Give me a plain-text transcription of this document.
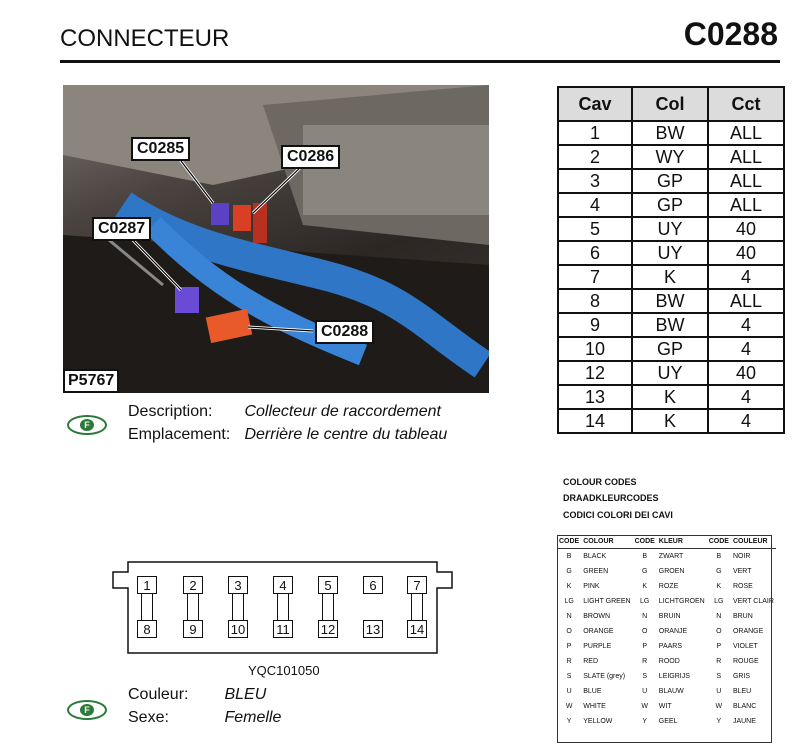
CONNECTEUR	C0288
C0285	C0286
C0287
C0288
P5767
F
Description: Collecteur de raccordement
Emplacement: Derrière le centre du tableau
Cav	Col	Cct
1	BW	ALL
2	WY	ALL
3	GP	ALL
4	GP	ALL
5	UY	40
6	UY	40
7	K	4
8	BW	ALL
9	BW	4
10	GP	4
12	UY	40
13	K	4
14	K	4
COLOUR CODES
DRAADKLEURCODES
CODICI COLORI DEI CAVI
CODE	COLOUR	CODE	KLEUR	CODE	COULEUR
B	BLACK	B	ZWART	B	NOIR
G	GREEN	G	GROEN	G	VERT
K	PINK	K	ROZE	K	ROSE
LG	LIGHT GREEN	LG	LICHTGROEN	LG	VERT CLAIR
N	BROWN	N	BRUIN	N	BRUN
O	ORANGE	O	ORANJE	O	ORANGE
P	PURPLE	P	PAARS	P	VIOLET
R	RED	R	ROOD	R	ROUGE
S	SLATE (grey)	S	LEIGRIJS	S	GRIS
U	BLUE	U	BLAUW	U	BLEU
W	WHITE	W	WIT	W	BLANC
Y	YELLOW	Y	GEEL	Y	JAUNE
1	2	3	4	5	6	7
8	9	10 11 12 13 14
YQC101050
F
Couleur: BLEU
Sexe:	Femelle
